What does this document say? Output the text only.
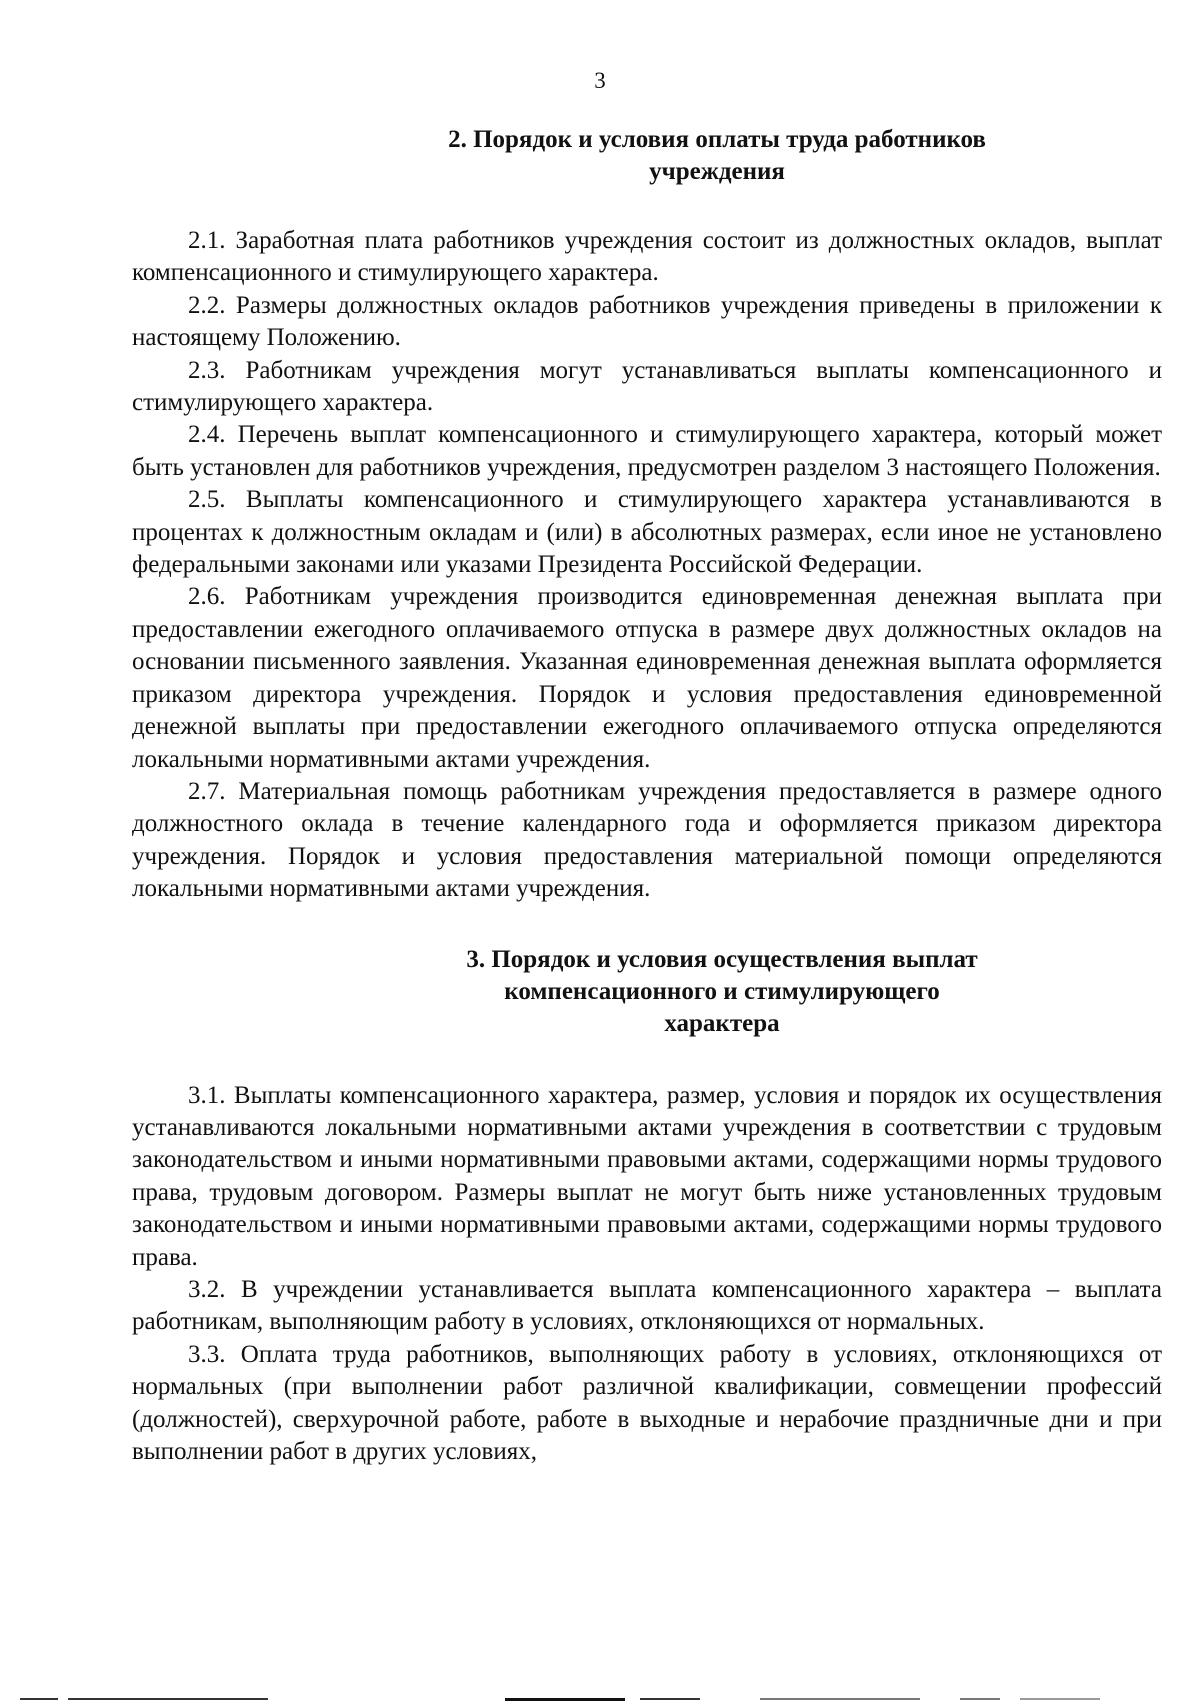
3
2. Порядок и условия оплаты труда работников
учреждения

2.1. Заработная плата работников учреждения состоит из должностных окладов, выплат компенсационного и стимулирующего характера.

2.2. Размеры должностных окладов работников учреждения приведены в приложении к настоящему Положению.

2.3. Работникам учреждения могут устанавливаться выплаты компенсационного и стимулирующего характера.

2.4. Перечень выплат компенсационного и стимулирующего характера, который может быть установлен для работников учреждения, предусмотрен разделом 3 настоящего Положения.

2.5. Выплаты компенсационного и стимулирующего характера устанавливаются в процентах к должностным окладам и (или) в абсолютных размерах, если иное не установлено федеральными законами или указами Президента Российской Федерации.

2.6. Работникам учреждения производится единовременная денежная выплата при предоставлении ежегодного оплачиваемого отпуска в размере двух должностных окладов на основании письменного заявления. Указанная единовременная денежная выплата оформляется приказом директора учреждения. Порядок и условия предоставления единовременной денежной выплаты при предоставлении ежегодного оплачиваемого отпуска определяются локальными нормативными актами учреждения.

2.7. Материальная помощь работникам учреждения предоставляется в размере одного должностного оклада в течение календарного года и оформляется приказом директора учреждения. Порядок и условия предоставления материальной помощи определяются локальными нормативными актами учреждения.

3. Порядок и условия осуществления выплат
компенсационного и стимулирующего
характера

3.1. Выплаты компенсационного характера, размер, условия и порядок их осуществления устанавливаются локальными нормативными актами учреждения в соответствии с трудовым законодательством и иными нормативными правовыми актами, содержащими нормы трудового права, трудовым договором. Размеры выплат не могут быть ниже установленных трудовым законодательством и иными нормативными правовыми актами, содержащими нормы трудового права.

3.2. В учреждении устанавливается выплата компенсационного характера – выплата работникам, выполняющим работу в условиях, отклоняющихся от нормальных.

3.3. Оплата труда работников, выполняющих работу в условиях, отклоняющихся от нормальных (при выполнении работ различной квалификации, совмещении профессий (должностей), сверхурочной работе, работе в выходные и нерабочие праздничные дни и при выполнении работ в других условиях,
